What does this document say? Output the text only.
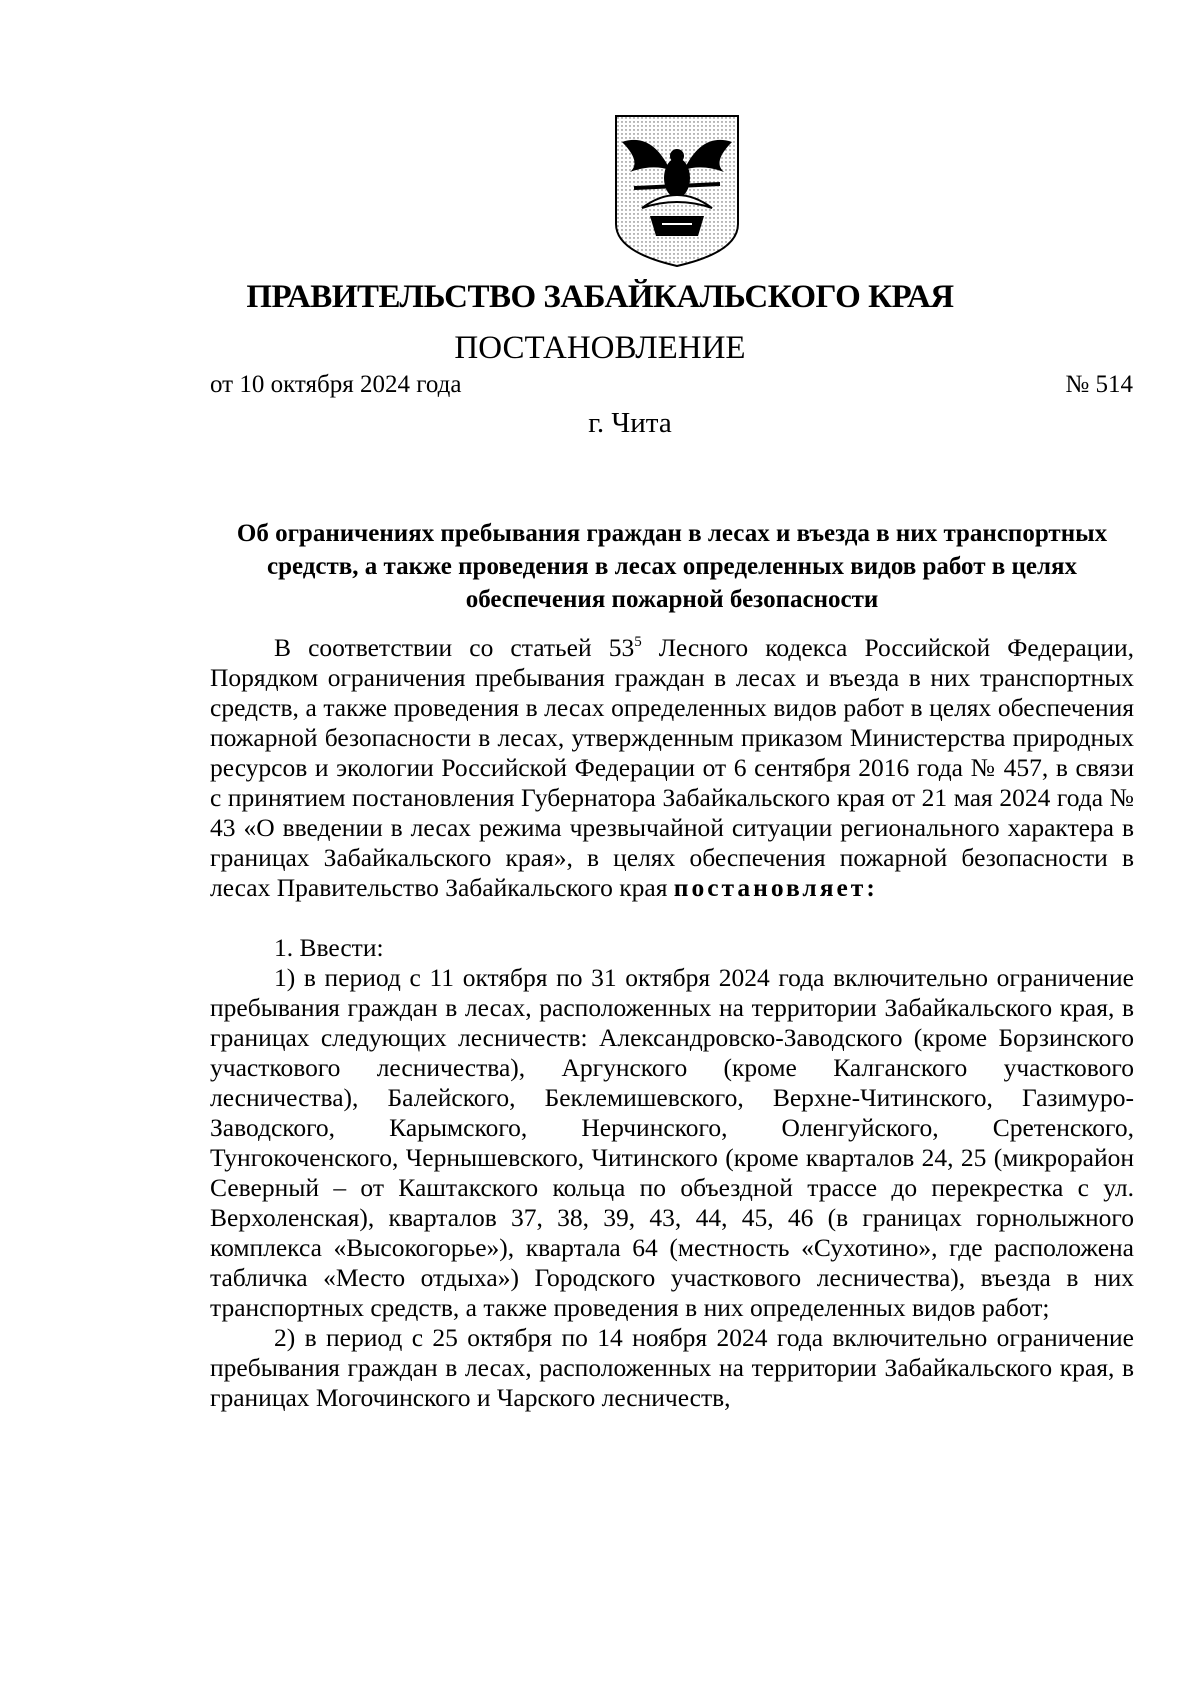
ПРАВИТЕЛЬСТВО ЗАБАЙКАЛЬСКОГО КРАЯ
ПОСТАНОВЛЕНИЕ
от 10 октября 2024 года	№ 514
г. Чита
Об ограничениях пребывания граждан в лесах и въезда в них транспортных средств, а также проведения в лесах определенных видов работ в целях обеспечения пожарной безопасности

В соответствии со статьей $53^5$ Лесного кодекса Российской Федерации, Порядком ограничения пребывания граждан в лесах и въезда в них транспортных средств, а также проведения в лесах определенных видов работ в целях обеспечения пожарной безопасности в лесах, утвержденным приказом Министерства природных ресурсов и экологии Российской Федерации от 6 сентября 2016 года № 457, в связи с принятием постановления Губернатора Забайкальского края от 21 мая 2024 года № 43 «О введении в лесах режима чрезвычайной ситуации регионального характера в границах Забайкальского края», в целях обеспечения пожарной безопасности в лесах Правительство Забайкальского края постановляет:

1. Ввести:

1) в период с 11 октября по 31 октября 2024 года включительно ограничение пребывания граждан в лесах, расположенных на территории Забайкальского края, в границах следующих лесничеств: Александровско-Заводского (кроме Борзинского участкового лесничества), Аргунского (кроме Калганского участкового лесничества), Балейского, Беклемишевского, Верхне-Читинского, Газимуро-Заводского, Карымского, Нерчинского, Оленгуйского, Сретенского, Тунгокоченского, Чернышевского, Читинского (кроме кварталов 24, 25 (микрорайон Северный – от Каштакского кольца по объездной трассе до перекрестка с ул. Верхоленская), кварталов 37, 38, 39, 43, 44, 45, 46 (в границах горнолыжного комплекса «Высокогорье»), квартала 64 (местность «Сухотино», где расположена табличка «Место отдыха») Городского участкового лесничества), въезда в них транспортных средств, а также проведения в них определенных видов работ;

2) в период с 25 октября по 14 ноября 2024 года включительно ограничение пребывания граждан в лесах, расположенных на территории Забайкальского края, в границах Могочинского и Чарского лесничеств,
